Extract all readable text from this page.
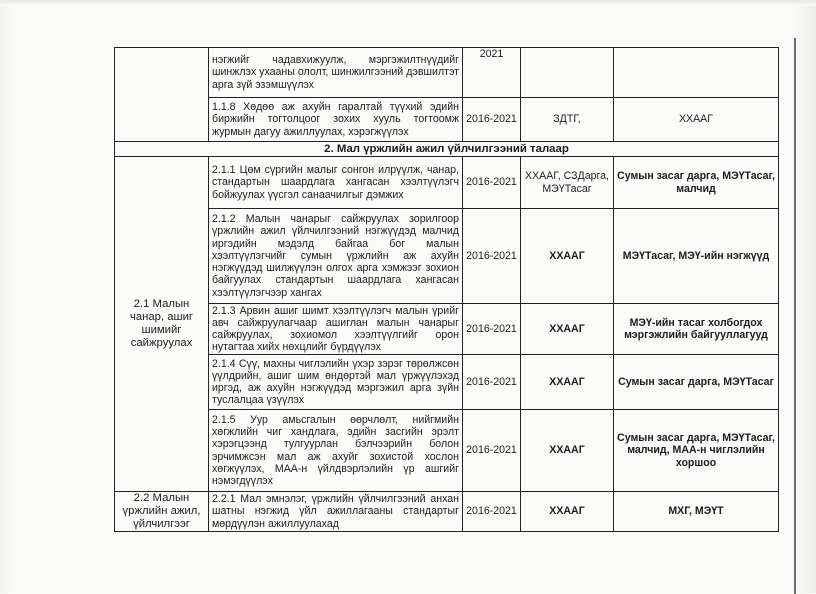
	нэгжийг чадавхижуулж, мэргэжилтнүүдийг шинжлэх ухааны ололт, шинжилгээний дэвшилтэт арга зүй эзэмшүүлэх	2021		
	1.1.8 Хөдөө аж ахуйн гаралтай түүхий эдийн биржийн тогтолцоог зохих хууль тогтоомж журмын дагуу ажиллуулах, хэрэгжүүлэх	2016-2021	ЗДТГ,	ХХААГ
2. Мал үржлийн ажил үйлчилгээний талаар				
2.1 Малын чанар, ашиг шимийг сайжруулах	2.1.1 Цөм сүргийн малыг сонгон илрүүлж, чанар, стандартын шаардлага хангасан хээлтүүлэгч бойжуулах үүсгэл санаачилгыг дэмжих	2016-2021	ХХААГ, СЗДарга, МЭҮТасаг	Сумын засаг дарга, МЭҮТасаг, малчид
	2.1.2 Малын чанарыг сайжруулах зорилгоор үржлийн ажил үйлчилгээний нэгжүүдэд малчид иргэдийн мэдэлд байгаа бог малын хээлтүүлэгчийг сумын үржлийн аж ахуйн нэгжүүдэд шилжүүлэн олгох арга хэмжээг зохион байгуулах стандартын шаардлага хангасан хээлтүүлэгчээр хангах	2016-2021	ХХААГ	МЭҮТасаг, МЭҮ-ийн нэгжүүд
	2.1.3 Арвин ашиг шимт хээлтүүлэгч малын үрийг авч сайжруулагчаар ашиглан малын чанарыг сайжруулах, зохиомол хээлтүүлгийг орон нутагтаа хийх нөхцлийг бүрдүүлэх	2016-2021	ХХААГ	МЭҮ-ийн тасаг холбогдох мэргэжлийн байгууллагууд
	2.1.4 Сүү, махны чиглэлийн үхэр зэрэг төрөлжсөн үүлдрийн, ашиг шим өндөртэй мал үржүүлэхэд иргэд, аж ахуйн нэгжүүдэд мэргэжил арга зүйн туслалцаа үзүүлэх	2016-2021	ХХААГ	Сумын засаг дарга, МЭҮТасаг
	2.1.5 Уур амьсгалын өөрчлөлт, нийгмийн хөгжлийн чиг хандлага, эдийн засгийн эрэлт хэрэгцээнд тулгуурлан бэлчээрийн болон эрчимжсэн мал аж ахуйг зохистой хослон хөгжүүлэх, МАА-н үйлдвэрлэлийн үр ашгийг нэмэгдүүлэх	2016-2021	ХХААГ	Сумын засаг дарга, МЭҮТасаг, малчид, МАА-н чиглэлийн хоршоо
2.2 Малын үржлийн ажил, үйлчилгээг	2.2.1 Мал эмнэлэг, үржлийн үйлчилгээний анхан шатны нэгжид үйл ажиллагааны стандартыг мөрдүүлэн ажиллуулахад	2016-2021	ХХААГ	МХГ, МЭҮТ
